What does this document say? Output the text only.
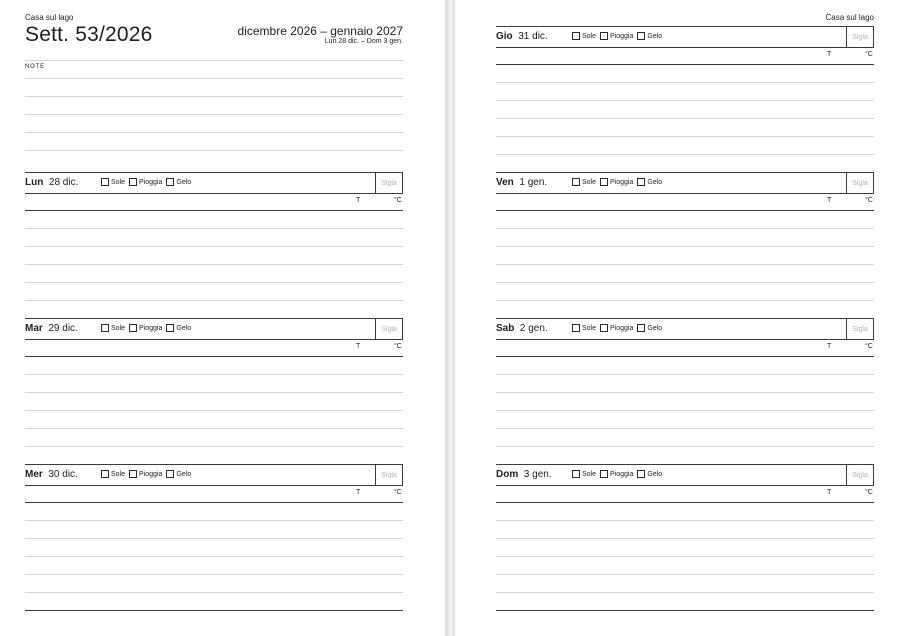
Casa sul lago
Sett. 53/2026	dicembre 2026 – gennaio 2027
Lun 28 dic. – Dom 3 gen.
NOTE
Lun 28 dic.	Sole Pioggia Gelo	Sigla
T	°C
Mar 29 dic.	Sole Pioggia Gelo	Sigla
T	°C
Mer 30 dic.	Sole Pioggia Gelo	Sigla
T	°C
Casa sul lago
Gio 31 dic.	Sole Pioggia Gelo	Sigla
T	°C
Ven 1 gen.	Sole Pioggia Gelo	Sigla
T	°C
Sab 2 gen.	Sole Pioggia Gelo	Sigla
T	°C
Dom 3 gen.	Sole Pioggia Gelo	Sigla
T	°C
